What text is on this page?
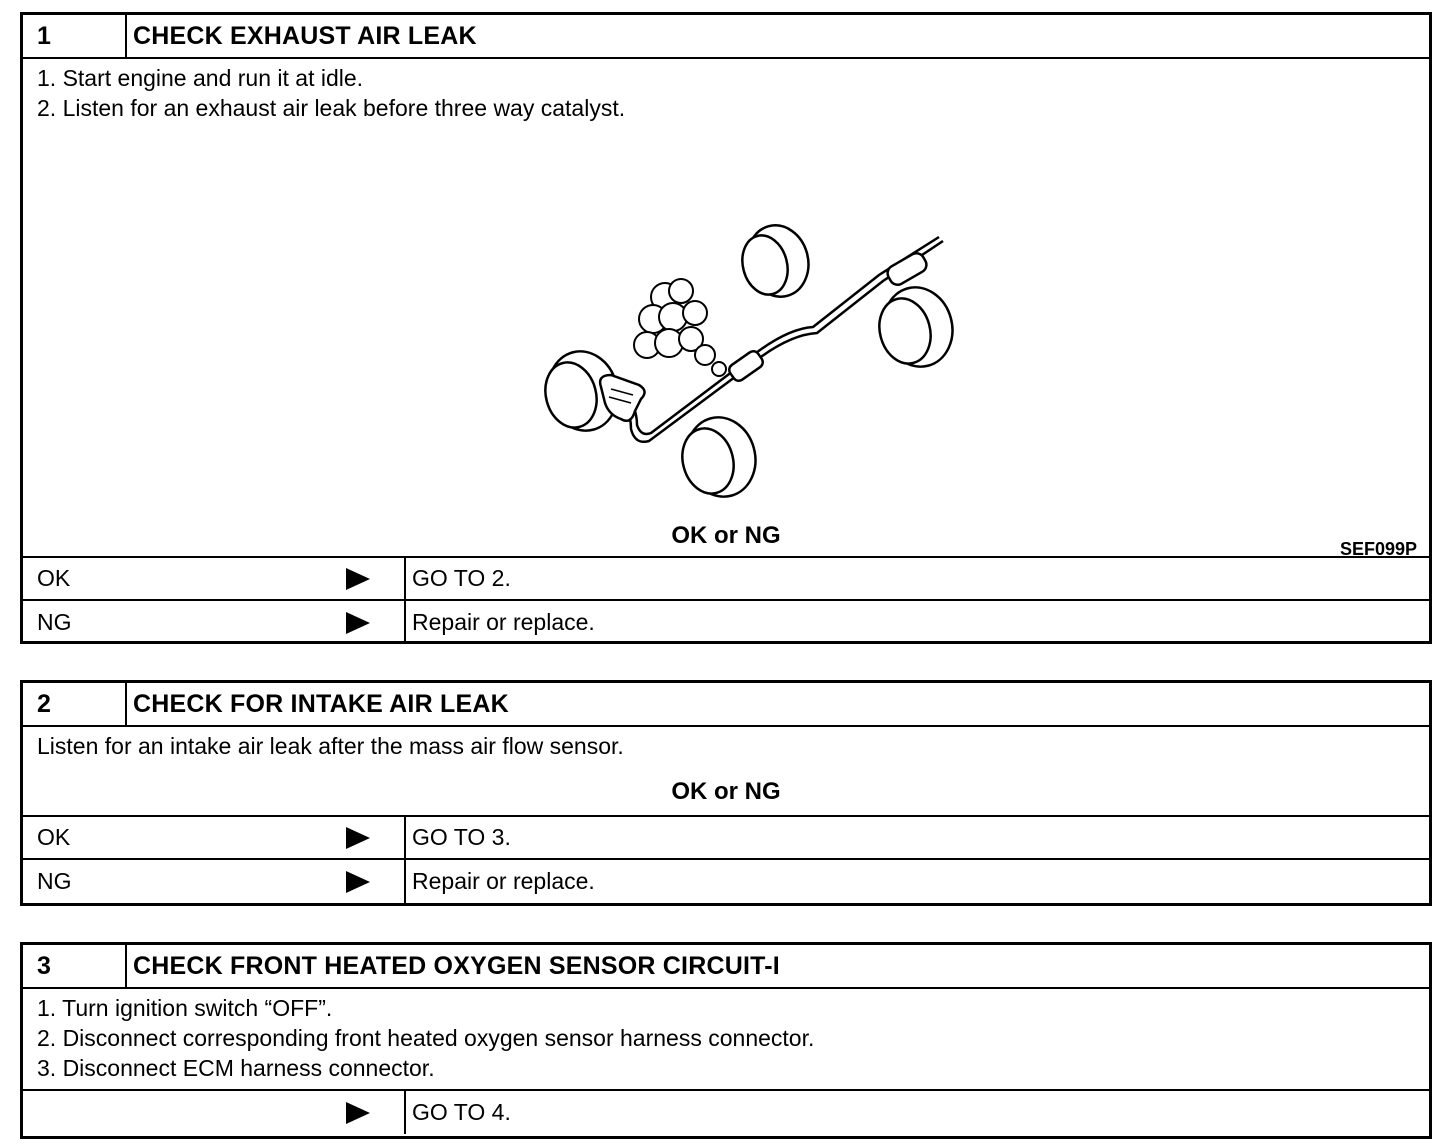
1	CHECK EXHAUST AIR LEAK
1. Start engine and run it at idle.
2. Listen for an exhaust air leak before three way catalyst.
SEF099P
OK or NG
OK	GO TO 2.
NG	Repair or replace.
2	CHECK FOR INTAKE AIR LEAK
Listen for an intake air leak after the mass air flow sensor.
OK or NG
OK	GO TO 3.
NG	Repair or replace.
3	CHECK FRONT HEATED OXYGEN SENSOR CIRCUIT-I
1. Turn ignition switch “OFF”.
2. Disconnect corresponding front heated oxygen sensor harness connector.
3. Disconnect ECM harness connector.
GO TO 4.
